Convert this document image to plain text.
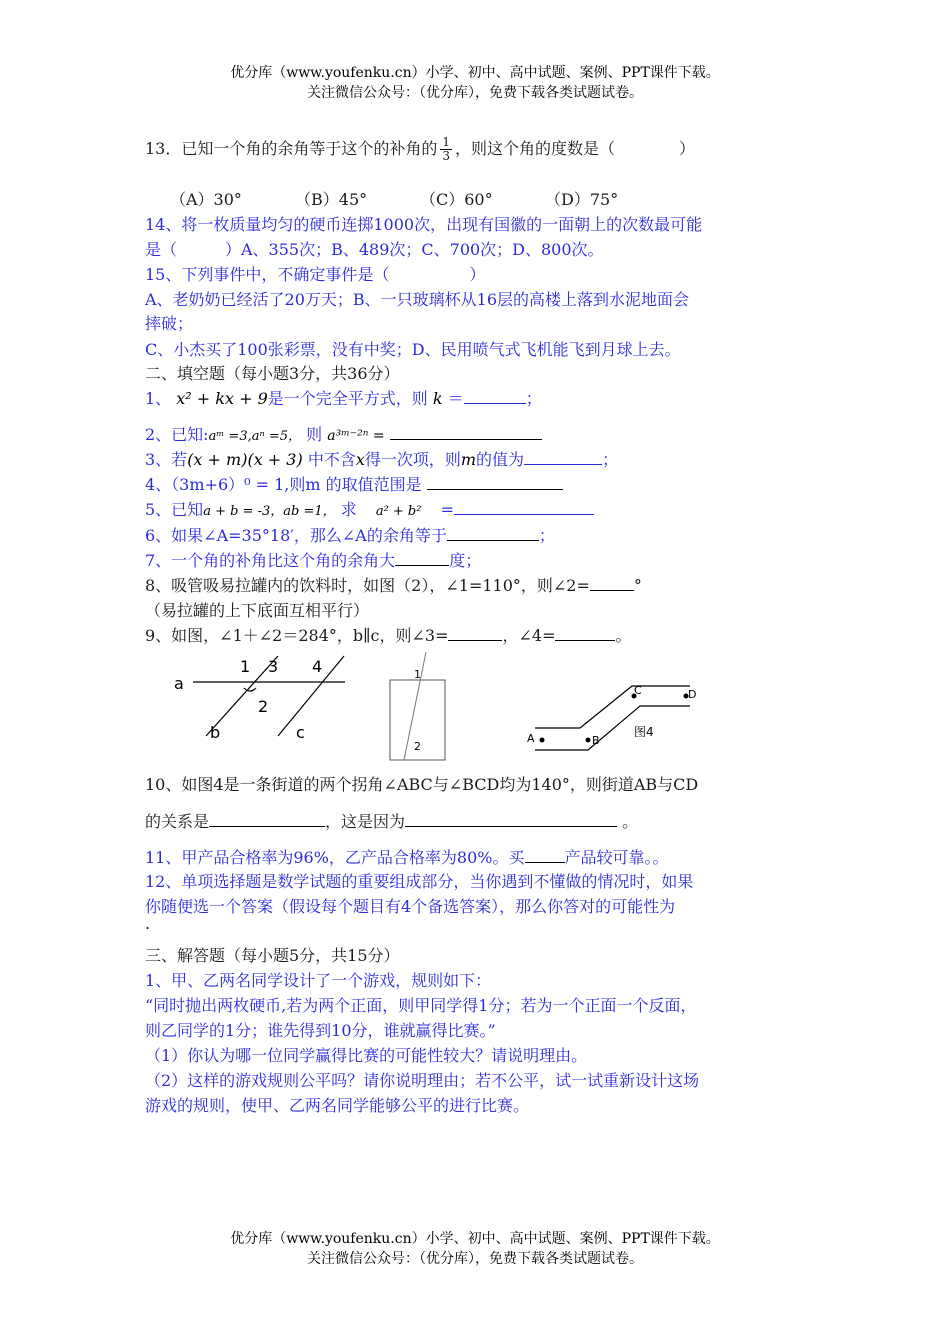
优分库（www.youfenku.cn）小学、初中、高中试题、案例、PPT课件下载。
关注微信公众号：（优分库），免费下载各类试题试卷。
13．已知一个角的余角等于这个的补角的 $\frac{1}{3}$ ，则这个角的度数是（　　　　）
（A）30°	（B）45°	（C）60°	（D）75°
14、将一枚质量均匀的硬币连掷1000次，出现有国徽的一面朝上的次数最可能
是（　　　）A、355次；B、489次；C、700次；D、800次。
15、下列事件中，不确定事件是（　　　　　）
A、老奶奶已经活了20万天；B、一只玻璃杯从16层的高楼上落到水泥地面会
摔破；
C、小杰买了100张彩票，没有中奖；D、民用喷气式飞机能飞到月球上去。
二、填空题（每小题3分，共36分）
1、 x² + kx + 9是一个完全平方式，则 k ＝	；
2、已知:aᵐ =3,aⁿ =5， 则 a³ᵐ⁻²ⁿ =
3、若(x + m)(x + 3) 中不含x得一次项，则m的值为	；
4、（3m+6）⁰ = 1,则m 的取值范围是
5、已知a + b = -3，ab =1， 求 a² + b² =
6、如果∠A=35°18′，那么∠A的余角等于	；
7、一个角的补角比这个角的余角大	度；
8、吸管吸易拉罐内的饮料时，如图（2），∠1=110°，则∠2=	°
（易拉罐的上下底面互相平行）
9、如图，∠1＋∠2＝284°，b∥c，则∠3=	，∠4=	。
a
b	c
1 3 4
2
1
2
A	B
C	D
图4
10、如图4是一条街道的两个拐角∠ABC与∠BCD均为140°，则街道AB与CD
的关系是	，这是因为	。
11、甲产品合格率为96%，乙产品合格率为80%。买	产品较可靠。。
12、单项选择题是数学试题的重要组成部分，当你遇到不懂做的情况时，如果
你随便选一个答案（假设每个题目有4个备选答案），那么你答对的可能性为
.
三、解答题（每小题5分，共15分）
1、甲、乙两名同学设计了一个游戏，规则如下：
“同时抛出两枚硬币,若为两个正面，则甲同学得1分；若为一个正面一个反面，
则乙同学的1分；谁先得到10分，谁就赢得比赛。”
（1）你认为哪一位同学赢得比赛的可能性较大？请说明理由。
（2）这样的游戏规则公平吗？请你说明理由；若不公平，试一试重新设计这场
游戏的规则，使甲、乙两名同学能够公平的进行比赛。
优分库（www.youfenku.cn）小学、初中、高中试题、案例、PPT课件下载。
关注微信公众号：（优分库），免费下载各类试题试卷。
